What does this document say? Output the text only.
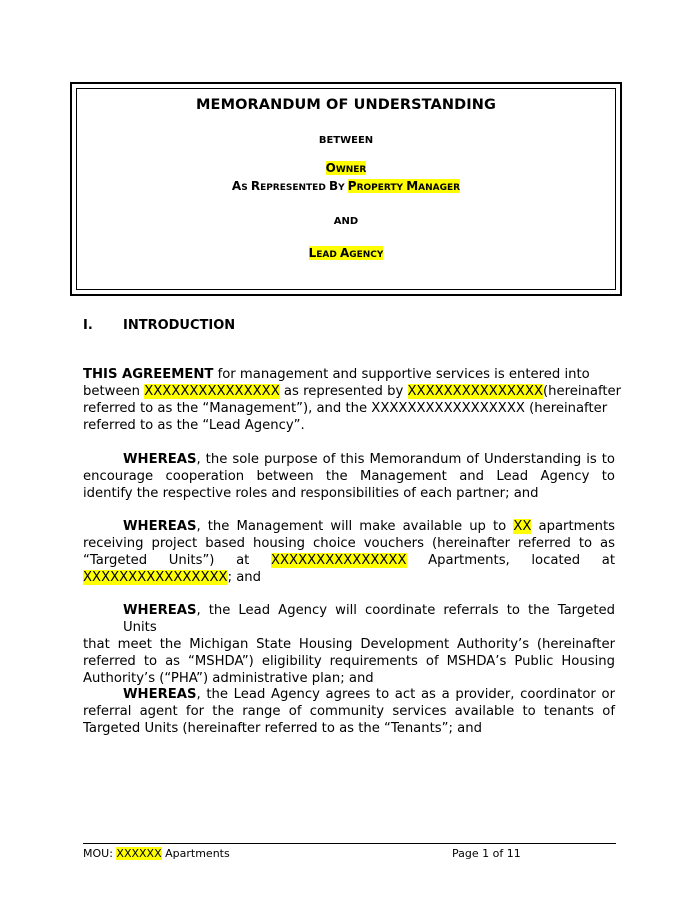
MEMORANDUM OF UNDERSTANDING
BETWEEN
OWNER
AS REPRESENTED BY PROPERTY MANAGER
AND
LEAD AGENCY
I. INTRODUCTION
THIS AGREEMENT for management and supportive services is entered into
between XXXXXXXXXXXXXXX as represented by XXXXXXXXXXXXXXX(hereinafter
referred to as the “Management”), and the XXXXXXXXXXXXXXXXX (hereinafter
referred to as the “Lead Agency”.
WHEREAS, the sole purpose of this Memorandum of Understanding is to
encourage cooperation between the Management and Lead Agency to
identify the respective roles and responsibilities of each partner; and
WHEREAS, the Management will make available up to XX apartments
receiving project based housing choice vouchers (hereinafter referred to as
“Targeted Units”) at XXXXXXXXXXXXXXX Apartments, located at
XXXXXXXXXXXXXXXX; and
WHEREAS, the Lead Agency will coordinate referrals to the Targeted Units
that meet the Michigan State Housing Development Authority’s (hereinafter
referred to as “MSHDA”) eligibility requirements of MSHDA’s Public Housing
Authority’s (“PHA”) administrative plan; and
WHEREAS, the Lead Agency agrees to act as a provider, coordinator or
referral agent for the range of community services available to tenants of
Targeted Units (hereinafter referred to as the “Tenants”; and
MOU: XXXXXX Apartments	Page 1 of 11
